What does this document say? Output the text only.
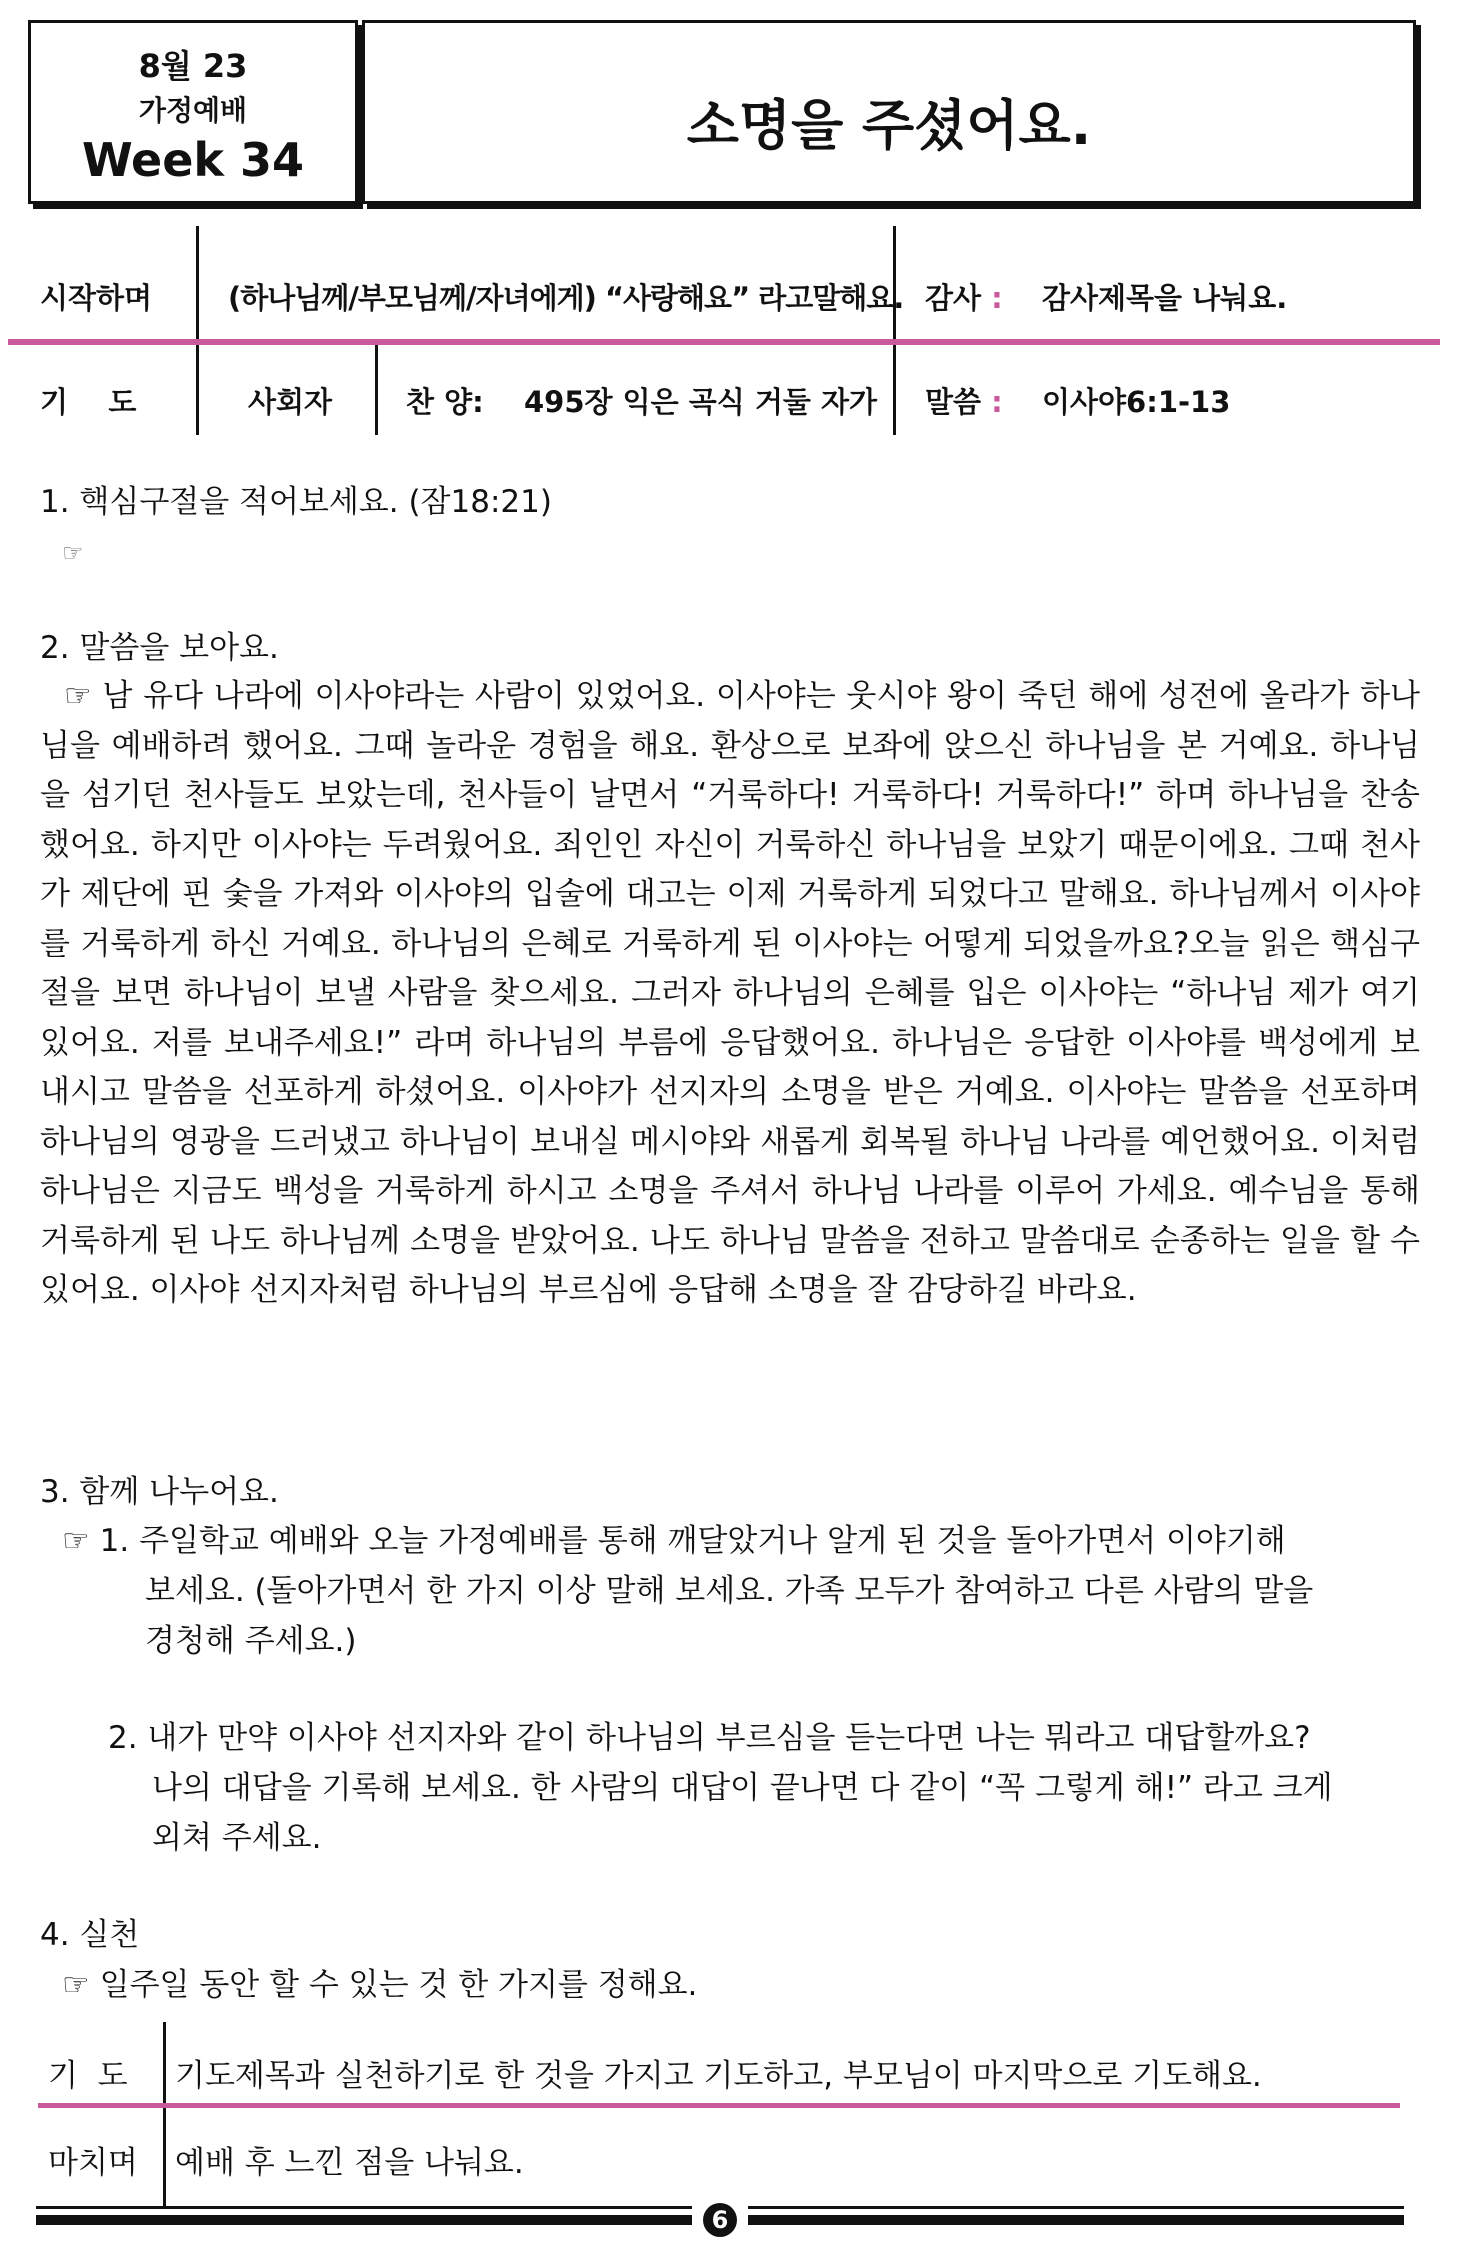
8월 23
가정예배
Week 34
소명을 주셨어요.
시작하며	(하나님께/부모님께/자녀에게) “사랑해요” 라고말해요. 감사 : 감사제목을 나눠요.
기    도	사회자	찬 양: 495장 익은 곡식 거둘 자가 말씀 : 이사야6:1-13
1. 핵심구절을 적어보세요. (잠18:21)
☞
2. 말씀을 보아요.
☞ 남 유다 나라에 이사야라는 사람이 있었어요. 이사야는 웃시야 왕이 죽던 해에 성전에 올라가 하나님을 예배하려 했어요. 그때 놀라운 경험을 해요. 환상으로 보좌에 앉으신 하나님을 본 거예요. 하나님을 섬기던 천사들도 보았는데, 천사들이 날면서 “거룩하다! 거룩하다! 거룩하다!” 하며 하나님을 찬송했어요. 하지만 이사야는 두려웠어요. 죄인인 자신이 거룩하신 하나님을 보았기 때문이에요. 그때 천사가 제단에 핀 숯을 가져와 이사야의 입술에 대고는 이제 거룩하게 되었다고 말해요. 하나님께서 이사야를 거룩하게 하신 거예요. 하나님의 은혜로 거룩하게 된 이사야는 어떻게 되었을까요?오늘 읽은 핵심구절을 보면 하나님이 보낼 사람을 찾으세요. 그러자 하나님의 은혜를 입은 이사야는 “하나님 제가 여기 있어요. 저를 보내주세요!” 라며 하나님의 부름에 응답했어요. 하나님은 응답한 이사야를 백성에게 보내시고 말씀을 선포하게 하셨어요. 이사야가 선지자의 소명을 받은 거예요. 이사야는 말씀을 선포하며 하나님의 영광을 드러냈고 하나님이 보내실 메시야와 새롭게 회복될 하나님 나라를 예언했어요. 이처럼 하나님은 지금도 백성을 거룩하게 하시고 소명을 주셔서 하나님 나라를 이루어 가세요. 예수님을 통해 거룩하게 된 나도 하나님께 소명을 받았어요. 나도 하나님 말씀을 전하고 말씀대로 순종하는 일을 할 수 있어요. 이사야 선지자처럼 하나님의 부르심에 응답해 소명을 잘 감당하길 바라요.
3. 함께 나누어요.
☞ 1. 주일학교 예배와 오늘 가정예배를 통해 깨달았거나 알게 된 것을 돌아가면서 이야기해
보세요. (돌아가면서 한 가지 이상 말해 보세요. 가족 모두가 참여하고 다른 사람의 말을
경청해 주세요.)
2. 내가 만약 이사야 선지자와 같이 하나님의 부르심을 듣는다면 나는 뭐라고 대답할까요?
나의 대답을 기록해 보세요. 한 사람의 대답이 끝나면 다 같이 “꼭 그렇게 해!” 라고 크게
외쳐 주세요.
4. 실천
☞ 일주일 동안 할 수 있는 것 한 가지를 정해요.
기  도 기도제목과 실천하기로 한 것을 가지고 기도하고, 부모님이 마지막으로 기도해요.
마치며 예배 후 느낀 점을 나눠요.
6
